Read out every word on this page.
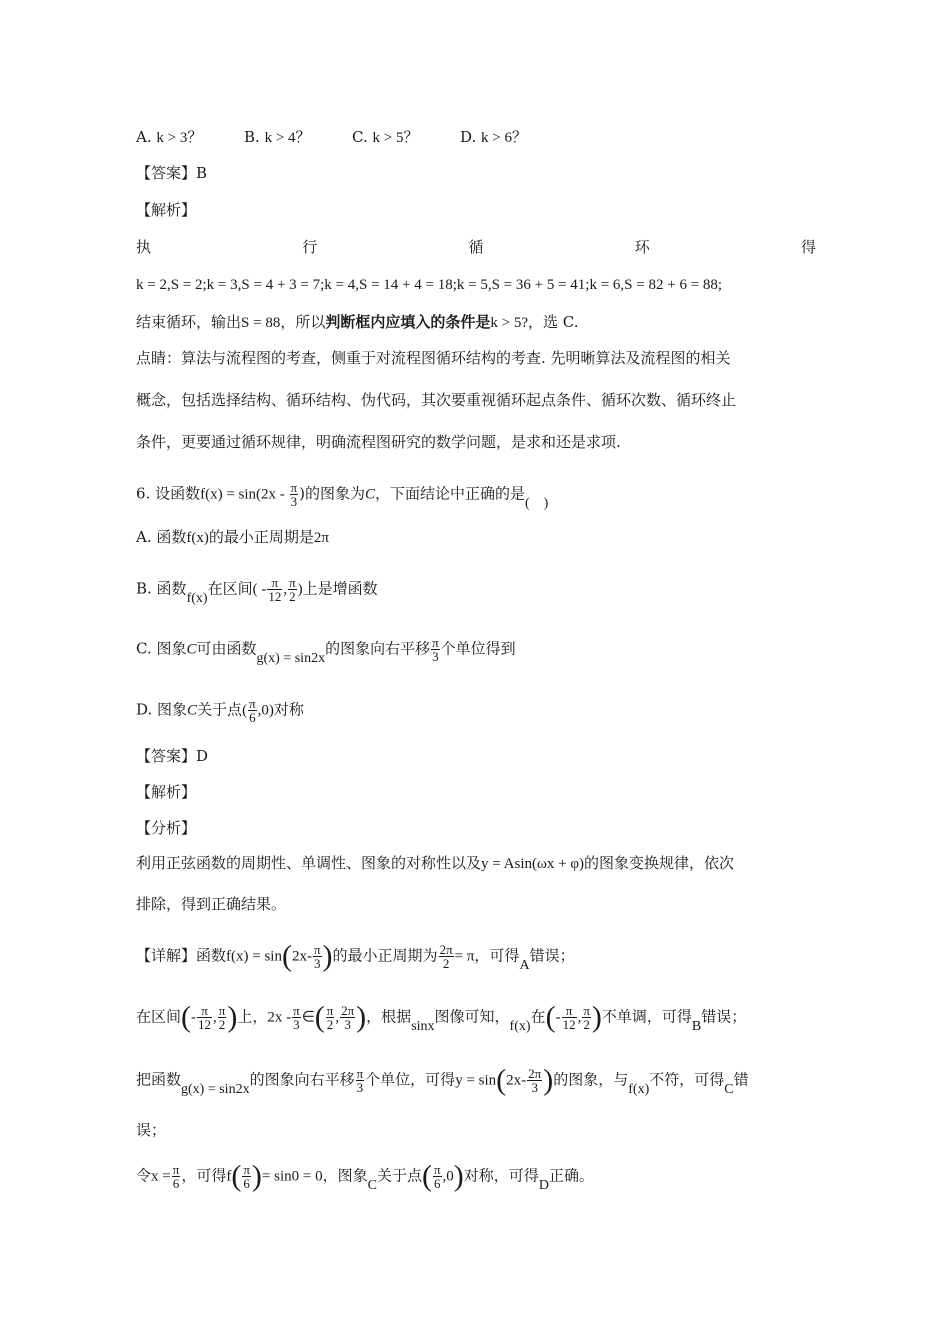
A. k > 3？	B. k > 4？	C. k > 5？	D. k > 6？
【答案】B
【解析】
执	行	循	环	得
k = 2,S = 2;k = 3,S = 4 + 3 = 7;k = 4,S = 14 + 4 = 18;k = 5,S = 36 + 5 = 41;k = 6,S = 82 + 6 = 88;
结束循环，输出S = 88，所以判断框内应填入的条件是k > 5?，选 C.
点睛：算法与流程图的考查，侧重于对流程图循环结构的考查. 先明晰算法及流程图的相关
概念，包括选择结构、循环结构、伪代码，其次要重视循环起点条件、循环次数、循环终止
条件，更要通过循环规律，明确流程图研究的数学问题，是求和还是求项.
6. 设函数$f(x) = \sin(2x - \frac{\pi}{3}$ )的图象为C，下面结论中正确的是(　)
A. 函数f(x)的最小正周期是2π
B. 函数f(x)在区间( - $\frac{\pi}{12}$ , $\frac{\pi}{2}$ )上是增函数
C. 图象C可由函数g(x) = sin2x的图象向右平移 $\frac{\pi}{3}$ 个单位得到
D. 图象C关于点( $\frac{\pi}{6} ,0$)对称
【答案】D
【解析】
【分析】
利用正弦函数的周期性、单调性、图象的对称性以及y = Asin(ωx + φ)的图象变换规律，依次
排除，得到正确结果。
【详解】函数$f(x) = \sin(2x- \frac{\pi}{3}$ )的最小正周期为 $\frac{2\pi}{2} = \pi$，可得A错误；
在区间(- $\frac{\pi}{12}$ , $\frac{\pi}{2}$ )上，$2x - \frac{\pi}{3}$ ∈( $\frac{\pi}{2}$ , $\frac{2\pi}{3}$ )，根据sinx图像可知，f(x)在(- $\frac{\pi}{12}$ , $\frac{\pi}{2}$ )不单调，可得B错误；
把函数g(x) = sin2x的图象向右平移 $\frac{\pi}{3}$ 个单位，可得$y = \sin(2x- \frac{2\pi}{3}$ )的图象，与f(x)不符，可得C错
误；
令$x = \frac{\pi}{6}$ ，可得$f( \frac{\pi}{6}$ )= sin0 = 0，图象C关于点( $\frac{\pi}{6} ,0$)对称，可得D正确。
